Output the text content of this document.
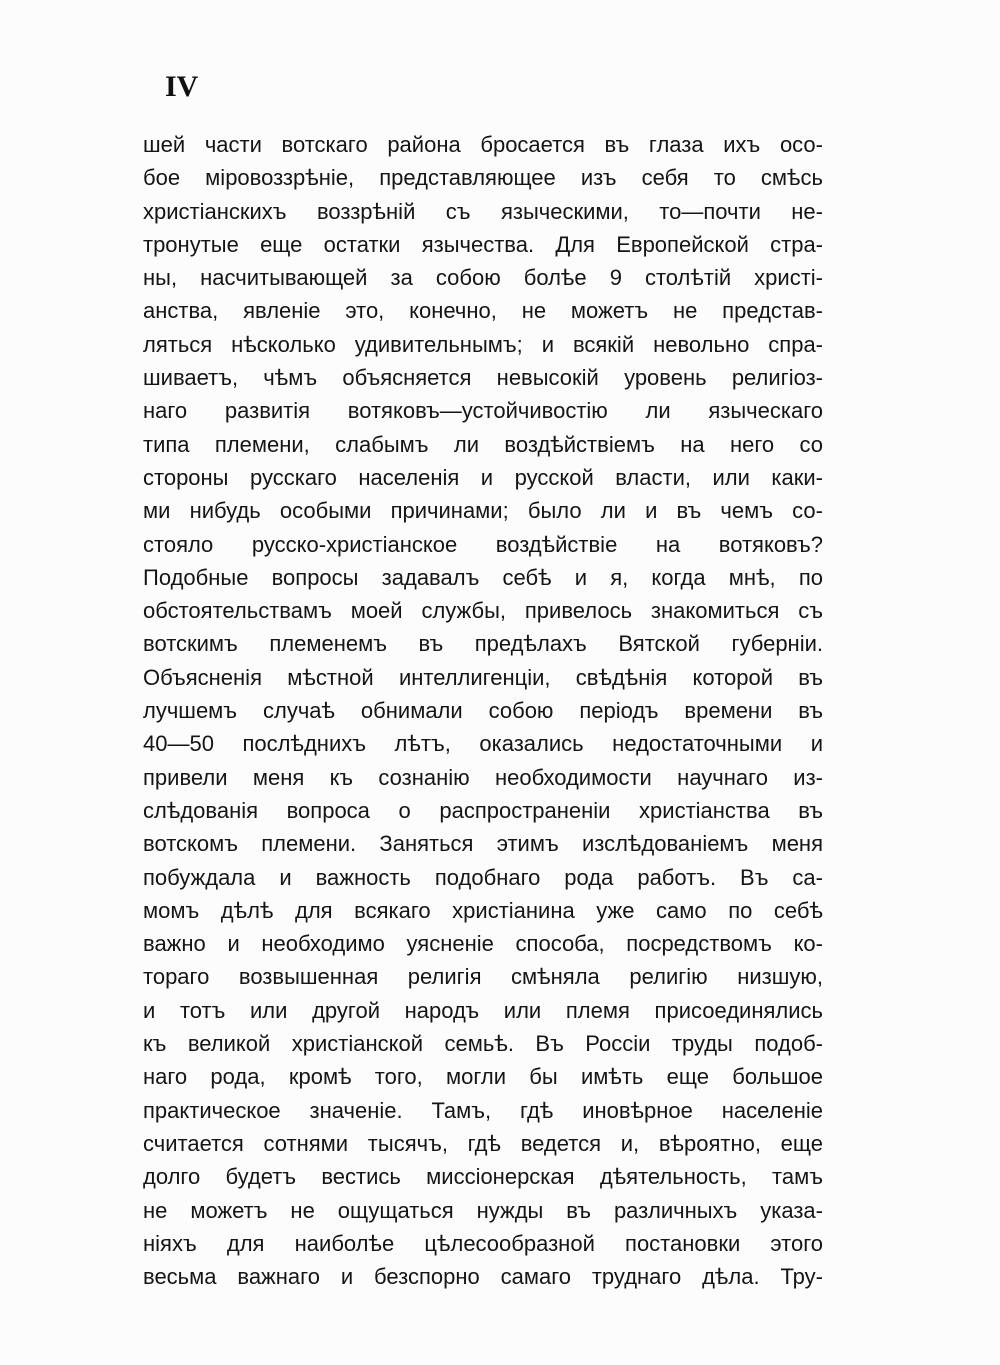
IV
шей части вотскаго района бросается въ глаза ихъ осо-
бое міровоззрѣніе, представляющее изъ себя то смѣсь
христіанскихъ воззрѣній съ языческими, то—почти не-
тронутые еще остатки язычества. Для Европейской стра-
ны, насчитывающей за собою болѣе 9 столѣтій христі-
анства, явленіе это, конечно, не можетъ не представ-
ляться нѣсколько удивительнымъ; и всякій невольно спра-
шиваетъ, чѣмъ объясняется невысокій уровень религіоз-
наго развитія вотяковъ—устойчивостію ли языческаго
типа племени, слабымъ ли воздѣйствіемъ на него со
стороны русскаго населенія и русской власти, или каки-
ми нибудь особыми причинами; было ли и въ чемъ со-
стояло русско-христіанское воздѣйствіе на вотяковъ?
Подобные вопросы задавалъ себѣ и я, когда мнѣ, по
обстоятельствамъ моей службы, привелось знакомиться съ
вотскимъ племенемъ въ предѣлахъ Вятской губерніи.
Объясненія мѣстной интеллигенціи, свѣдѣнія которой въ
лучшемъ случаѣ обнимали собою періодъ времени въ
40—50 послѣднихъ лѣтъ, оказались недостаточными и
привели меня къ сознанію необходимости научнаго из-
слѣдованія вопроса о распространеніи христіанства въ
вотскомъ племени. Заняться этимъ изслѣдованіемъ меня
побуждала и важность подобнаго рода работъ. Въ са-
момъ дѣлѣ для всякаго христіанина уже само по себѣ
важно и необходимо уясненіе способа, посредствомъ ко-
тораго возвышенная религія смѣняла религію низшую,
и тотъ или другой народъ или племя присоединялись
къ великой христіанской семьѣ. Въ Россіи труды подоб-
наго рода, кромѣ того, могли бы имѣть еще большое
практическое значеніе. Тамъ, гдѣ иновѣрное населеніе
считается сотнями тысячъ, гдѣ ведется и, вѣроятно, еще
долго будетъ вестись миссіонерская дѣятельность, тамъ
не можетъ не ощущаться нужды въ различныхъ указа-
ніяхъ для наиболѣе цѣлесообразной постановки этого
весьма важнаго и безспорно самаго труднаго дѣла. Тру-
